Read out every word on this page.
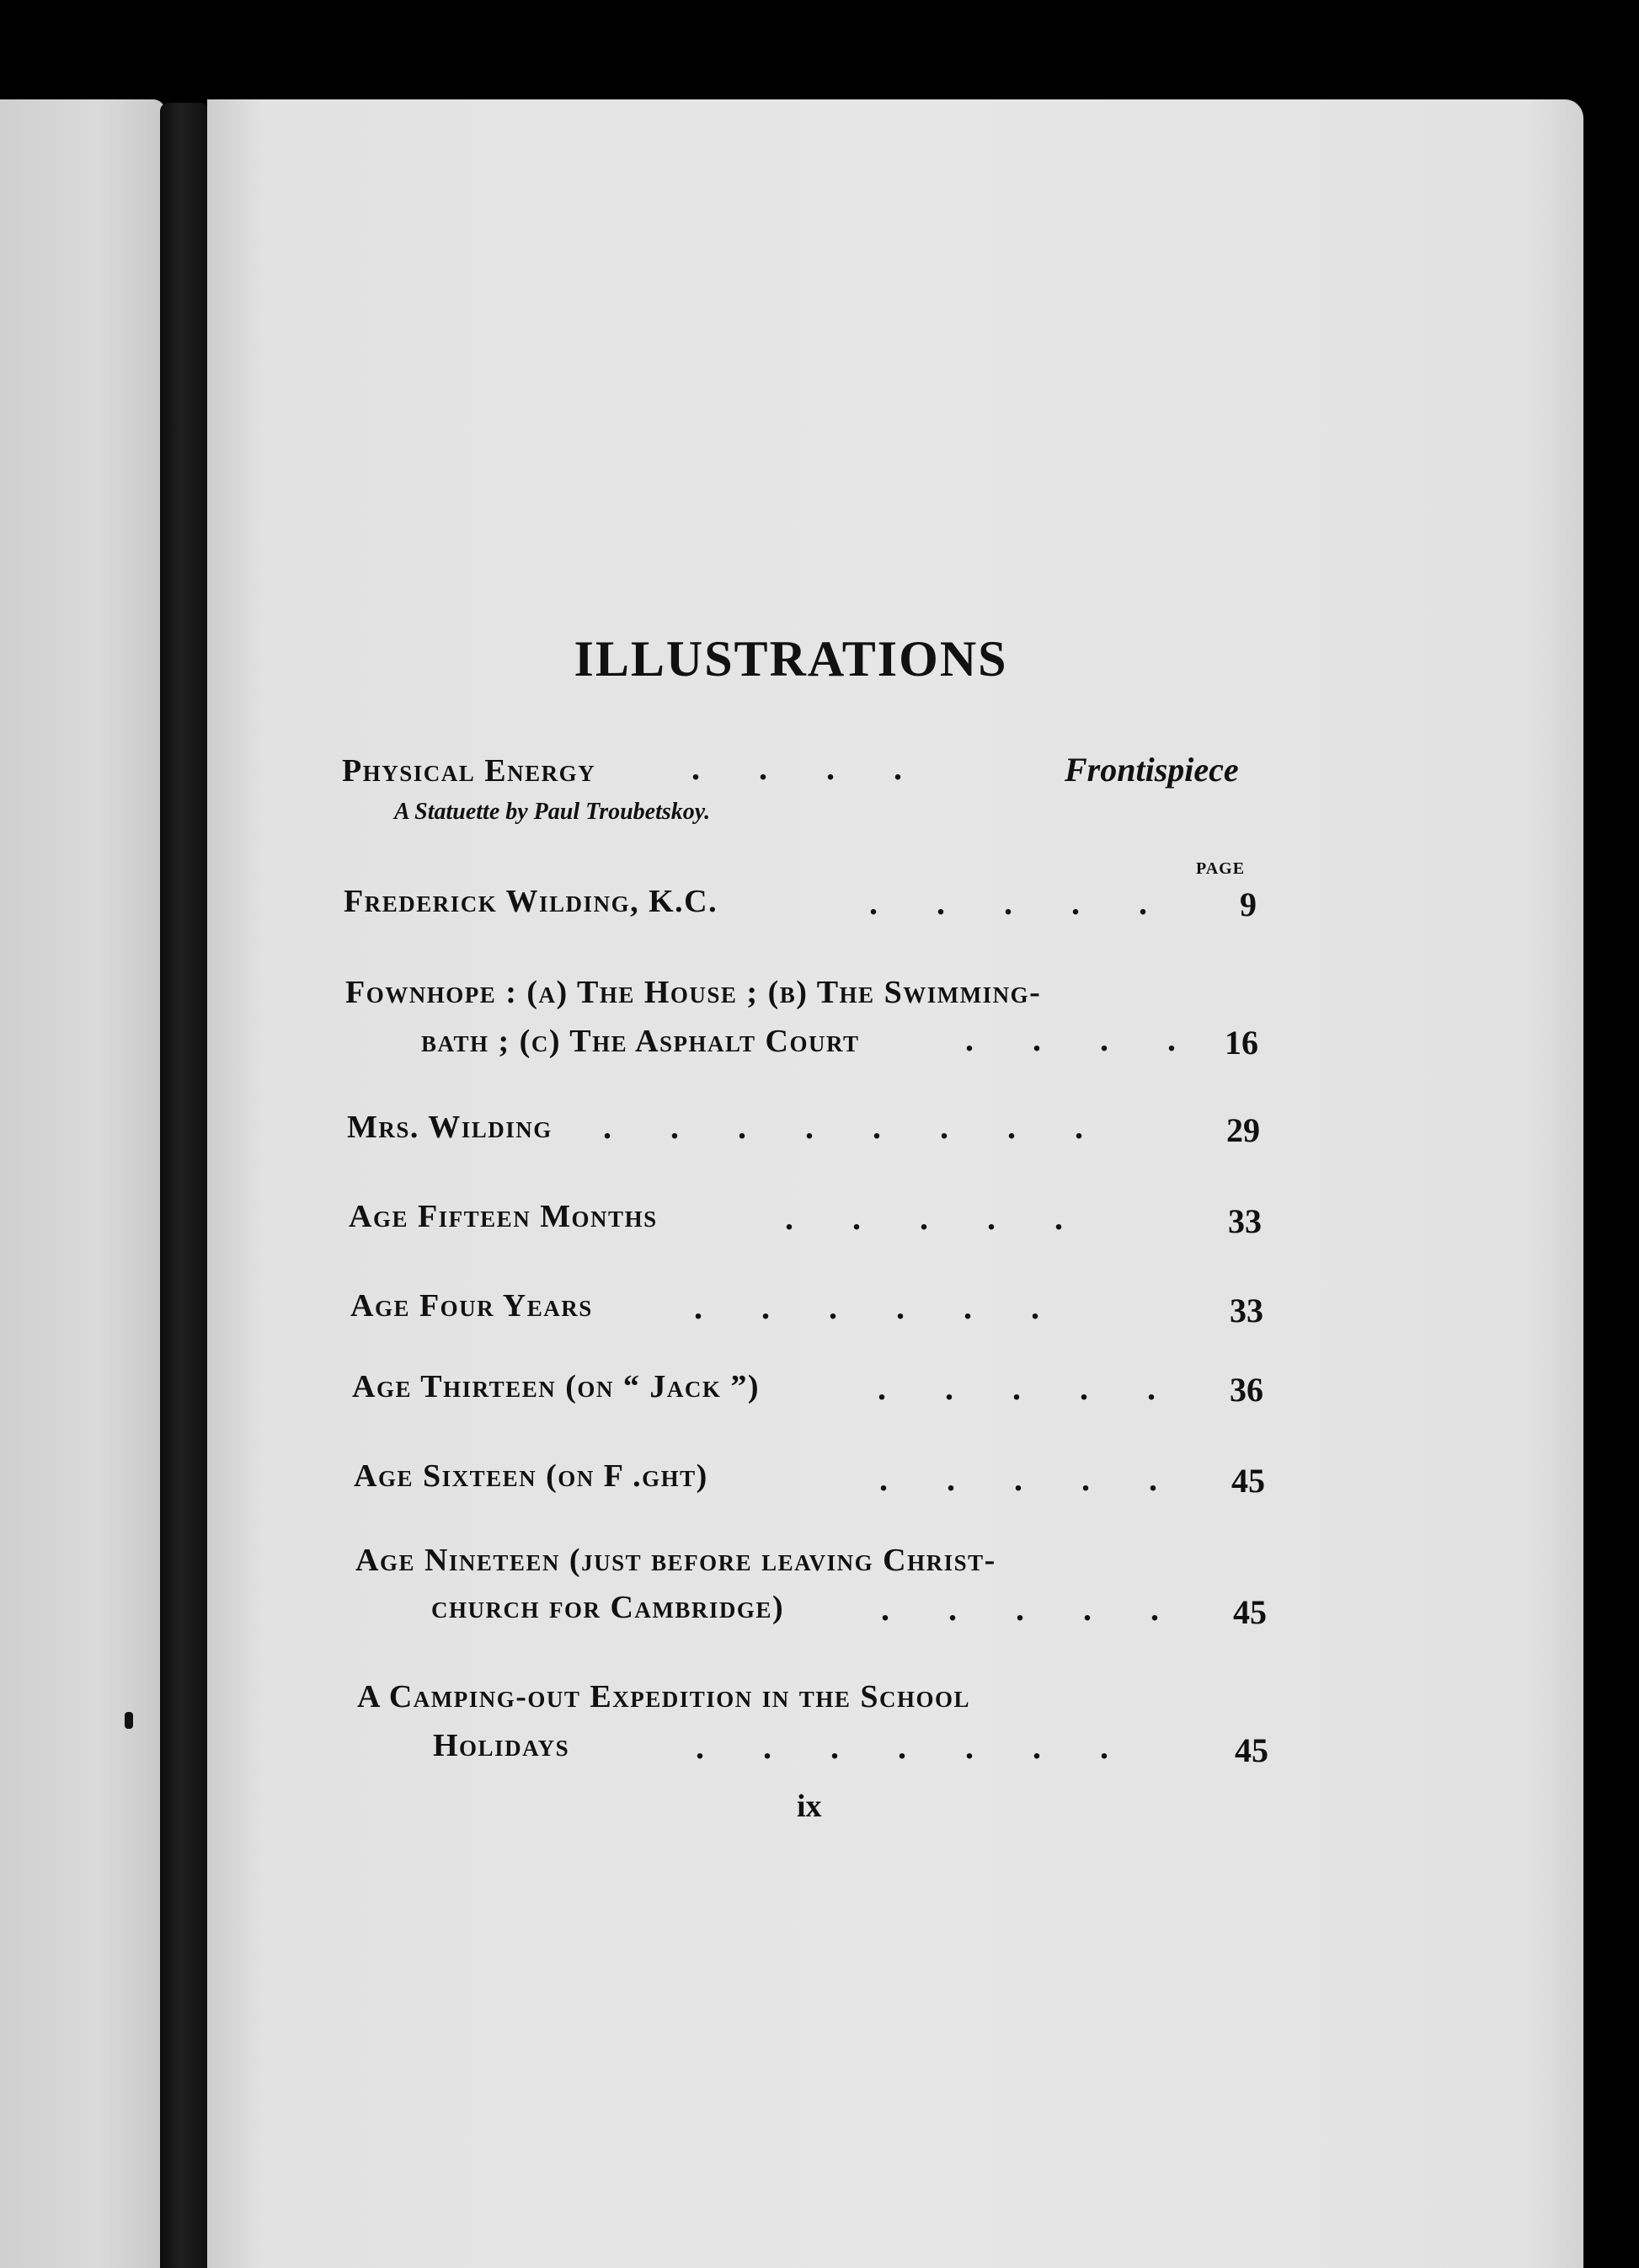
ILLUSTRATIONS
Physical Energy	.       .       .       .	Frontispiece
A Statuette by Paul Troubetskoy.
PAGE
Frederick Wilding, K.C.	.       .       .       .       .	9
Fownhope : (a) The House ; (b) The Swimming-
bath ; (c) The Asphalt Court	.       .       .       .	16
Mrs. Wilding .       .       .       .       .       .       .       .	29
Age Fifteen Months	.       .       .       .       .	33
Age Four Years	.       .       .       .       .       .	33
Age Thirteen (on “ Jack ”)	.       .       .       .       .	36
Age Sixteen (on F .ght)	.       .       .       .       .	45
Age Nineteen (just before leaving Christ-
church for Cambridge)	.       .       .       .       .	45
A Camping-out Expedition in the School
Holidays	.       .       .       .       .       .       .	45
ix
